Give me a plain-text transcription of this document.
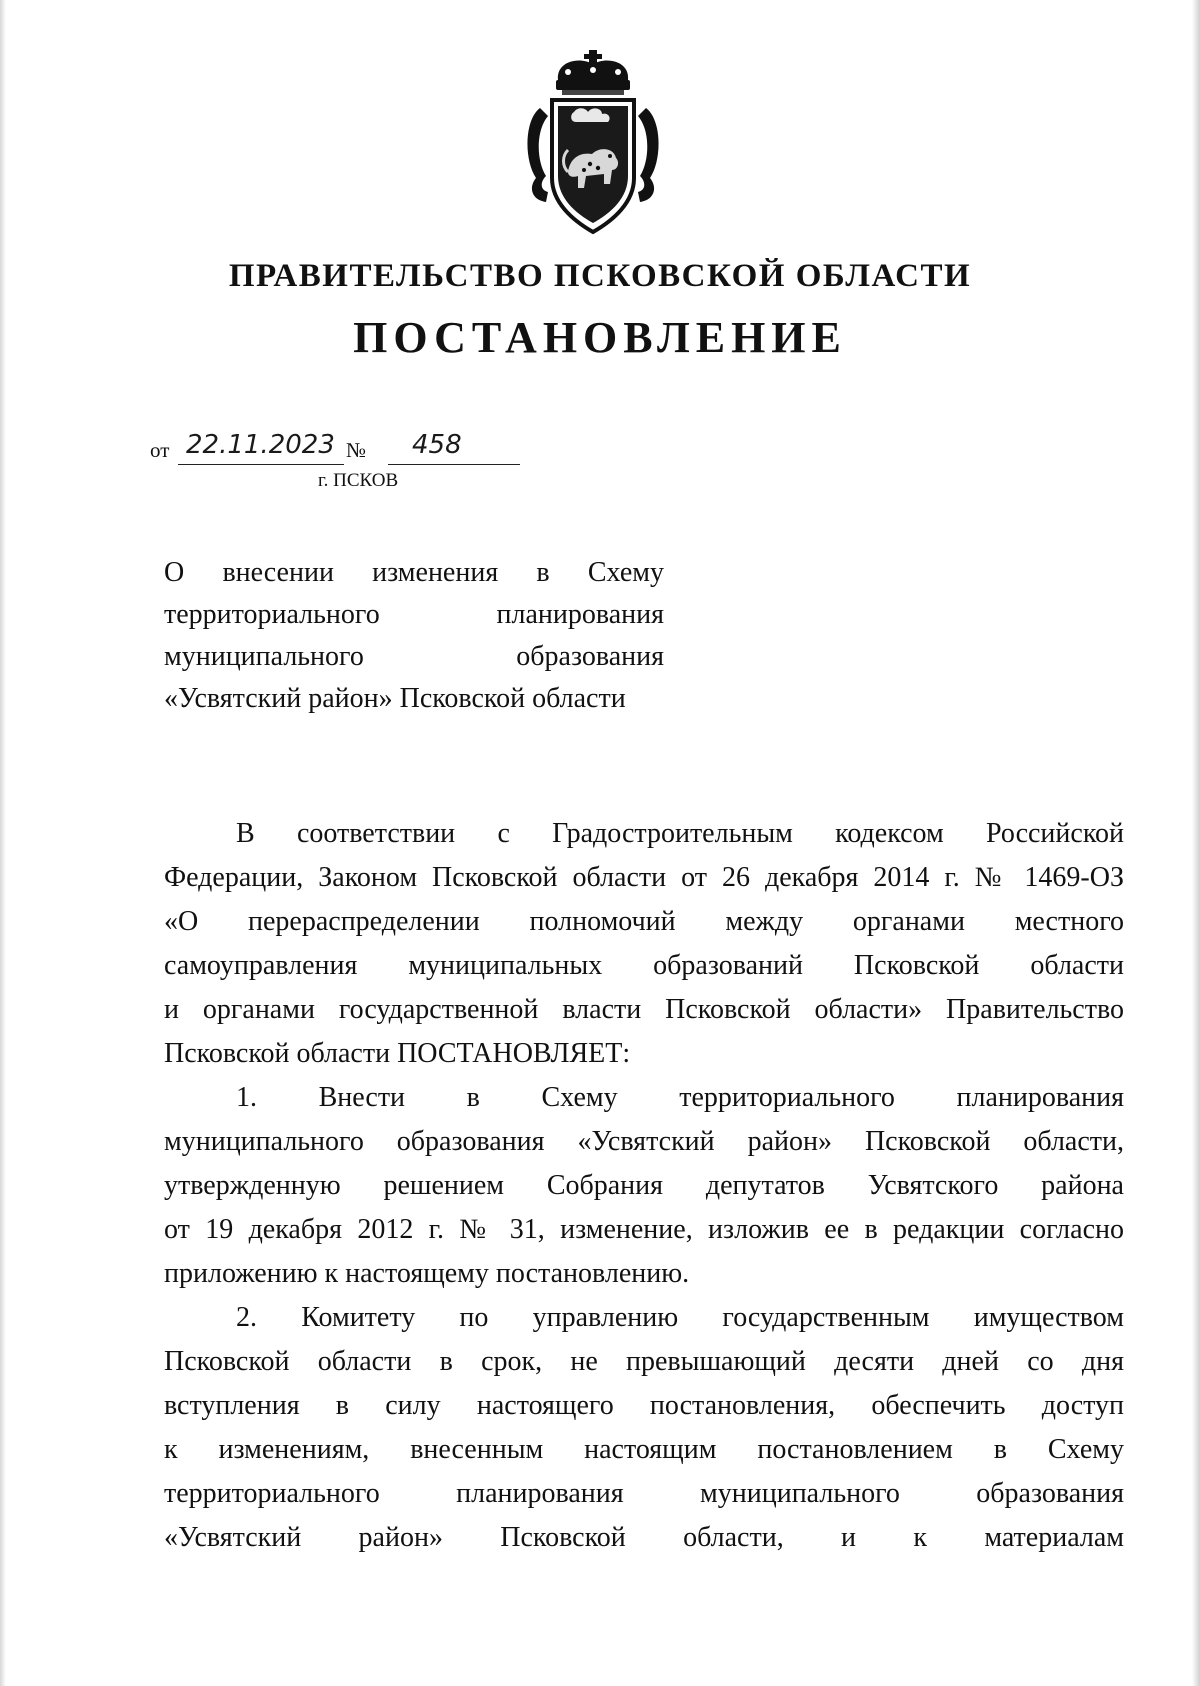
ПРАВИТЕЛЬСТВО ПСКОВСКОЙ ОБЛАСТИ
ПОСТАНОВЛЕНИЕ
от 22.11.2023 № 458
г. ПСКОВ
О внесении изменения в Схему
территориального планирования
муниципального образования
«Усвятский район» Псковской области
В соответствии с Градостроительным кодексом Российской
Федерации, Законом Псковской области от 26 декабря 2014 г. № 1469-ОЗ
«О перераспределении полномочий между органами местного
самоуправления муниципальных образований Псковской области
и органами государственной власти Псковской области» Правительство
Псковской области ПОСТАНОВЛЯЕТ:
1. Внести в Схему территориального планирования
муниципального образования «Усвятский район» Псковской области,
утвержденную решением Собрания депутатов Усвятского района
от 19 декабря 2012 г. № 31, изменение, изложив ее в редакции согласно
приложению к настоящему постановлению.
2. Комитету по управлению государственным имуществом
Псковской области в срок, не превышающий десяти дней со дня
вступления в силу настоящего постановления, обеспечить доступ
к изменениям, внесенным настоящим постановлением в Схему
территориального планирования муниципального образования
«Усвятский район» Псковской области, и к материалам
